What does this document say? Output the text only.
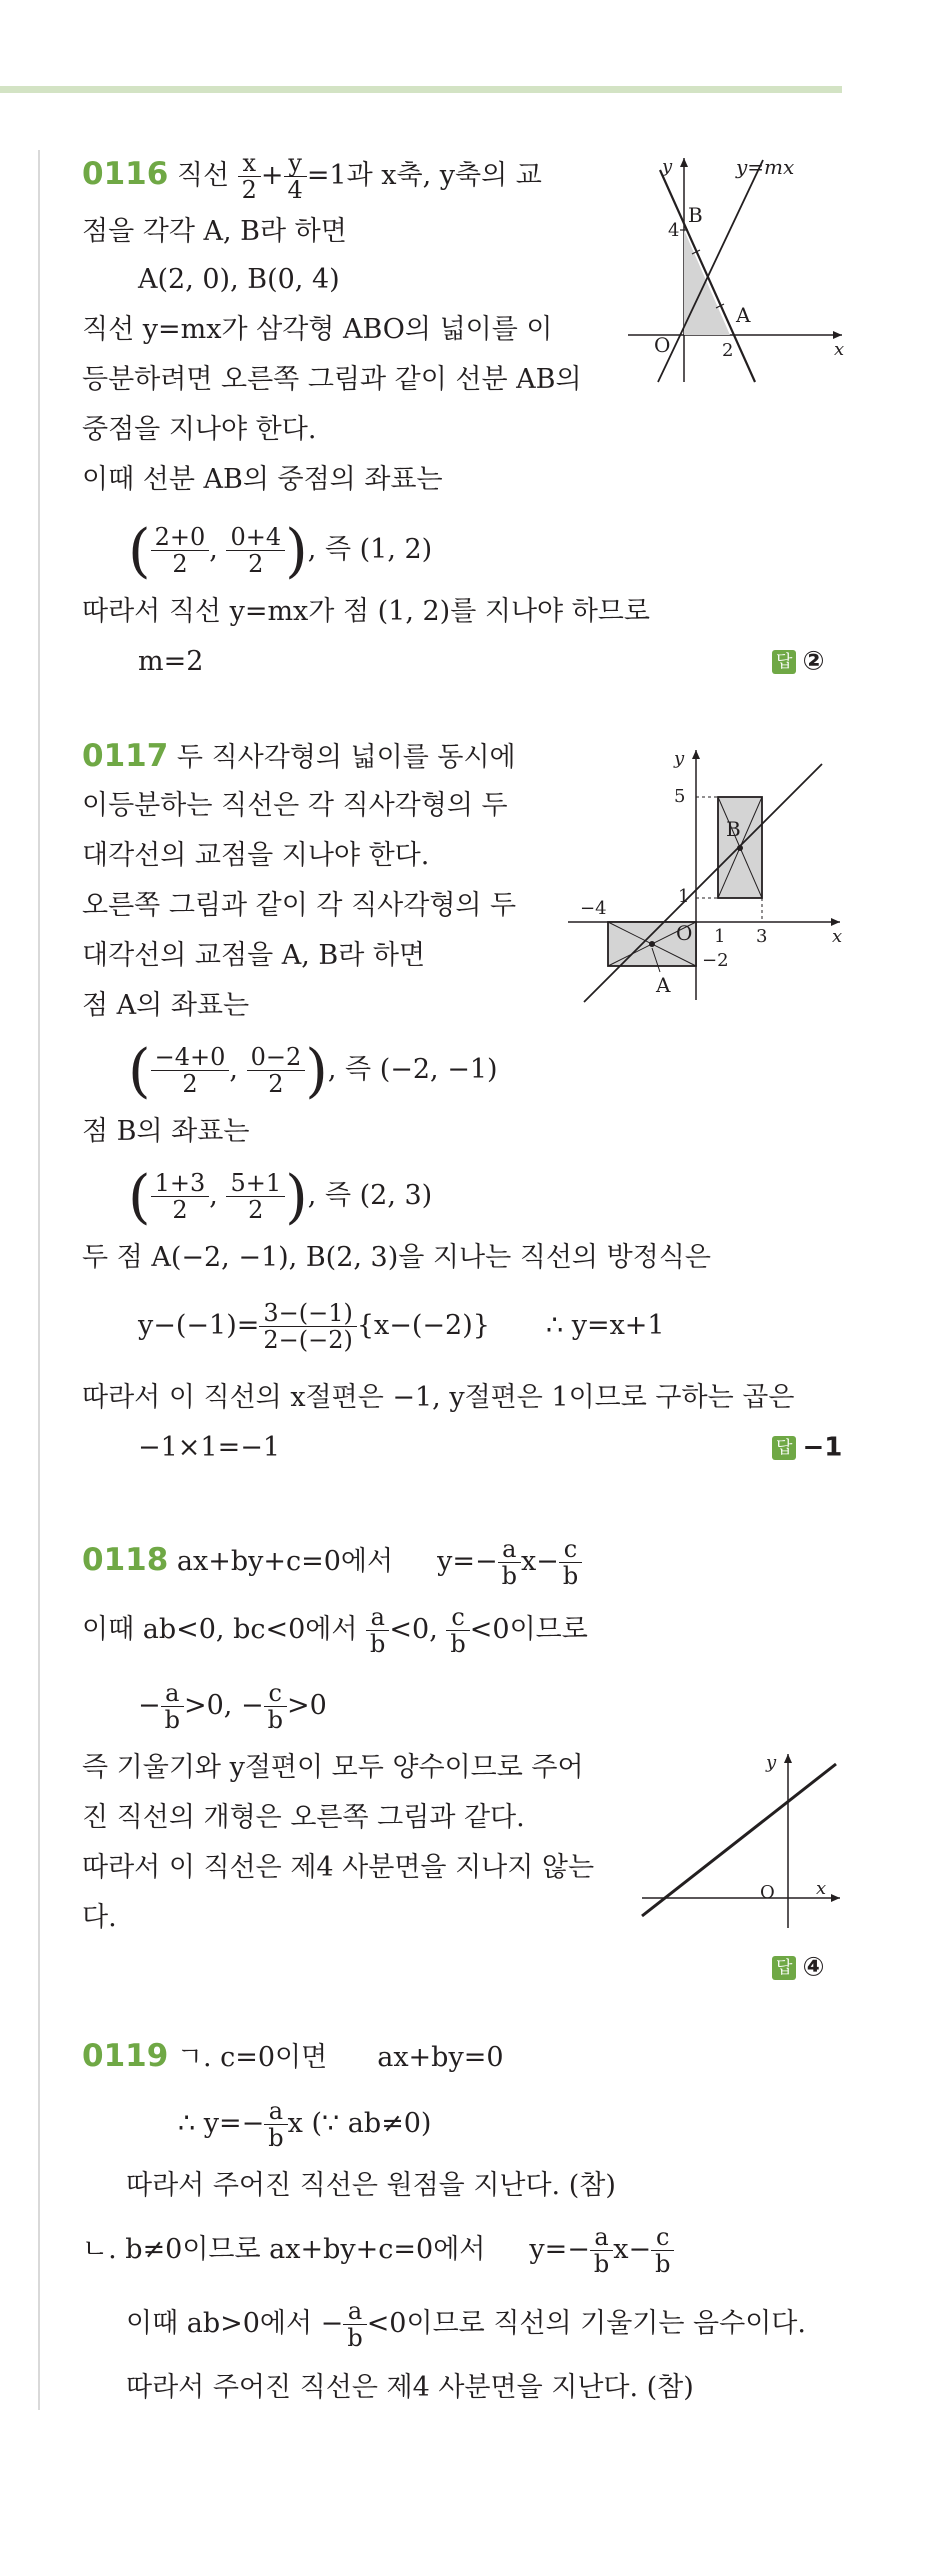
0116 직선 $\frac{x}{2} + \frac{y}{4} =1$과 x축, y축의 교
점을 각각 A, B라 하면
A(2, 0), B(0, 4)
직선 y=mx가 삼각형 ABO의 넓이를 이
등분하려면 오른쪽 그림과 같이 선분 AB의
중점을 지나야 한다.
이때 선분 AB의 중점의 좌표는
( $\frac{2+0}{2}$ , $\frac{0+4}{2}$ ), 즉 (1, 2)
따라서 직선 y=mx가 점 (1, 2)를 지나야 하므로
m=2	답 ②
y
x
y=mx
B
A
O
4
2
0117 두 직사각형의 넓이를 동시에
이등분하는 직선은 각 직사각형의 두
대각선의 교점을 지나야 한다.
오른쪽 그림과 같이 각 직사각형의 두
대각선의 교점을 A, B라 하면
점 A의 좌표는
( $\frac{-4+0}{2}$ , $\frac{0-2}{2}$ ), 즉 (−2, −1)
점 B의 좌표는
( $\frac{1+3}{2}$ , $\frac{5+1}{2}$ ), 즉 (2, 3)
두 점 A(−2, −1), B(2, 3)을 지나는 직선의 방정식은
$y-(-1)= \frac{3-(-1)}{2-(-2)} \{x-(-2)\}$ ∴ y=x+1
따라서 이 직선의 x절편은 −1, y절편은 1이므로 구하는 곱은
−1×1=−1	답 −1
y
x
5
1
−4
1 3
−2
O
B
A
0118 ax+by+c=0에서 $y=- \frac{a}{b} x- \frac{c}{b}$
이때 ab<0, bc<0에서 $\frac{a}{b} <0$, $\frac{c}{b} <0$이므로
− $\frac{a}{b} >0$, − $\frac{c}{b} >0$
즉 기울기와 y절편이 모두 양수이므로 주어
진 직선의 개형은 오른쪽 그림과 같다.
따라서 이 직선은 제4 사분면을 지나지 않는
다.
답 ④
y
x
O
0119 ㄱ. c=0이면 ax+by=0
∴ $y=- \frac{a}{b}$ x (∵ ab≠0)
따라서 주어진 직선은 원점을 지난다. (참)
ㄴ. b≠0이므로 ax+by+c=0에서 $y=- \frac{a}{b} x- \frac{c}{b}$
이때 ab>0에서 − $\frac{a}{b} <0$이므로 직선의 기울기는 음수이다.
따라서 주어진 직선은 제4 사분면을 지난다. (참)
